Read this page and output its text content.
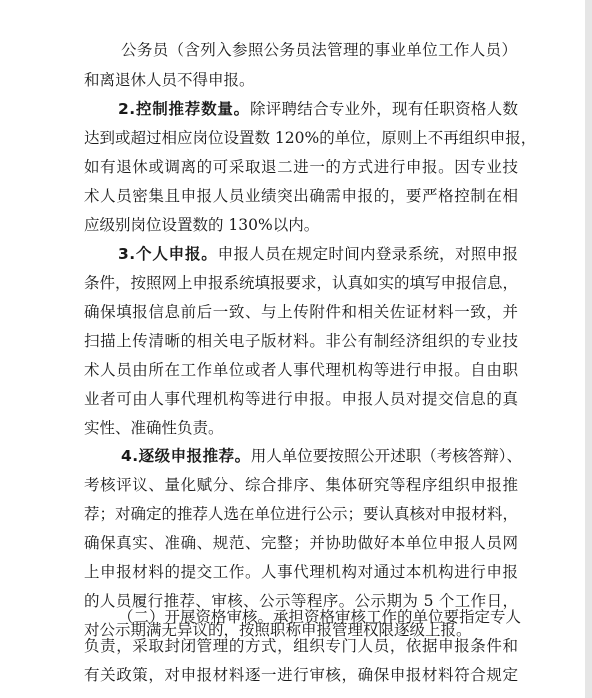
公务员（含列入参照公务员法管理的事业单位工作人员）
和离退休人员不得申报。
2.控制推荐数量。除评聘结合专业外，现有任职资格人数
达到或超过相应岗位设置数 120%的单位，原则上不再组织申报，
如有退休或调离的可采取退二进一的方式进行申报。因专业技
术人员密集且申报人员业绩突出确需申报的，要严格控制在相
应级别岗位设置数的 130%以内。
3.个人申报。申报人员在规定时间内登录系统，对照申报
条件，按照网上申报系统填报要求，认真如实的填写申报信息，
确保填报信息前后一致、与上传附件和相关佐证材料一致，并
扫描上传清晰的相关电子版材料。非公有制经济组织的专业技
术人员由所在工作单位或者人事代理机构等进行申报。自由职
业者可由人事代理机构等进行申报。申报人员对提交信息的真
实性、准确性负责。
4.逐级申报推荐。用人单位要按照公开述职（考核答辩）、
考核评议、量化赋分、综合排序、集体研究等程序组织申报推
荐；对确定的推荐人选在单位进行公示；要认真核对申报材料，
确保真实、准确、规范、完整；并协助做好本单位申报人员网
上申报材料的提交工作。人事代理机构对通过本机构进行申报
的人员履行推荐、审核、公示等程序。公示期为 5 个工作日，
对公示期满无异议的，按照职称申报管理权限逐级上报。
（二）开展资格审核。承担资格审核工作的单位要指定专人
负责，采取封闭管理的方式，组织专门人员，依据申报条件和
有关政策，对申报材料逐一进行审核，确保申报材料符合规定
